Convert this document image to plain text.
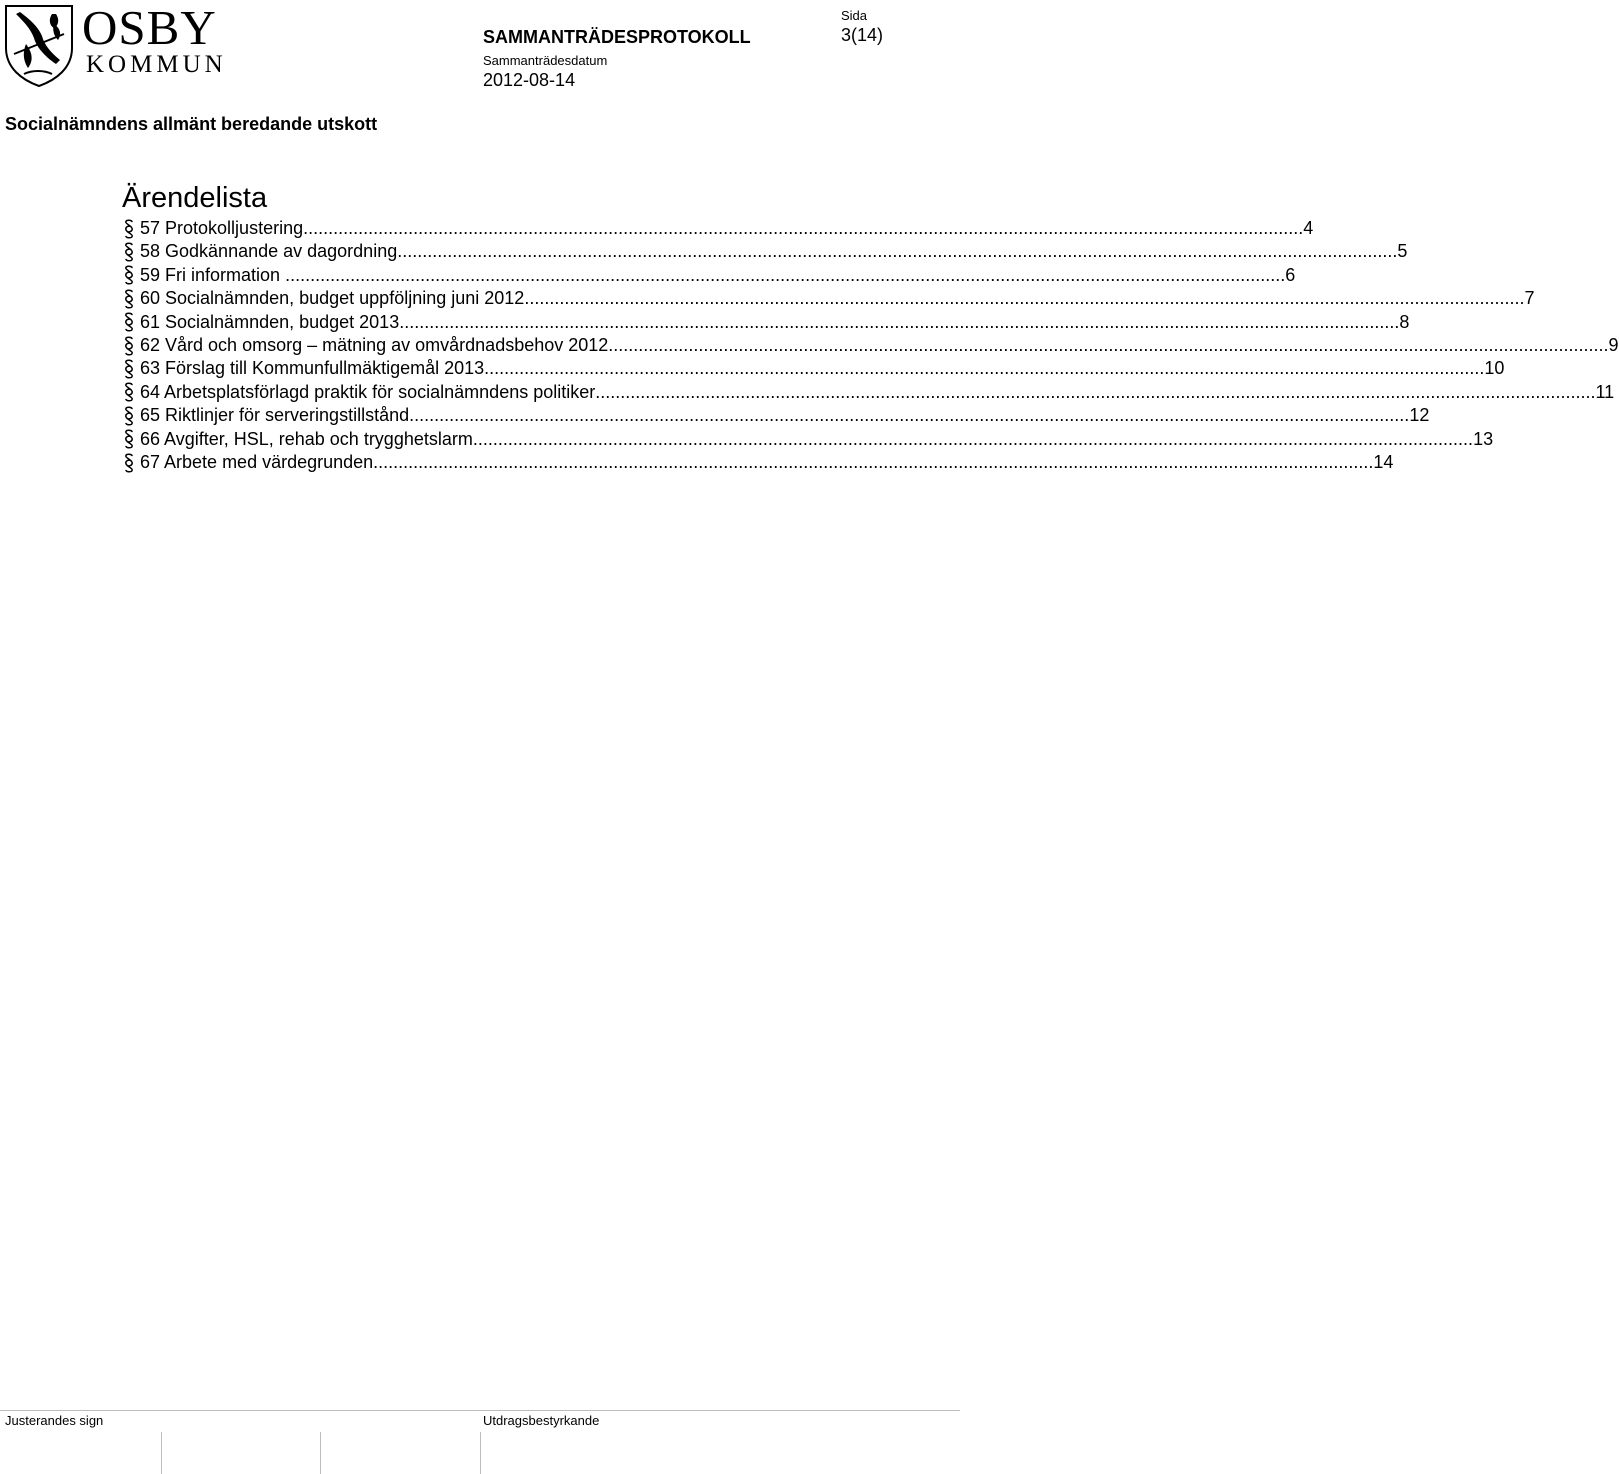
OSBY
KOMMUN
SAMMANTRÄDESPROTOKOLL
Sammanträdesdatum
2012-08-14
Sida
3(14)
Socialnämndens allmänt beredande utskott
Ärendelista
57 Protokolljustering ........................................................................................................................................................................................................ 4
58 Godkännande av dagordning ........................................................................................................................................................................................................ 5
59 Fri information ........................................................................................................................................................................................................ 6
60 Socialnämnden, budget uppföljning juni 2012 ........................................................................................................................................................................................................ 7
61 Socialnämnden, budget 2013 ........................................................................................................................................................................................................ 8
62 Vård och omsorg – mätning av omvårdnadsbehov 2012 ........................................................................................................................................................................................................ 9
63 Förslag till Kommunfullmäktigemål 2013 ........................................................................................................................................................................................................ 10
64 Arbetsplatsförlagd praktik för socialnämndens politiker ........................................................................................................................................................................................................ 11
65 Riktlinjer för serveringstillstånd ........................................................................................................................................................................................................ 12
66 Avgifter, HSL, rehab och trygghetslarm ........................................................................................................................................................................................................ 13
67 Arbete med värdegrunden ........................................................................................................................................................................................................ 14
Justerandes sign	Utdragsbestyrkande
